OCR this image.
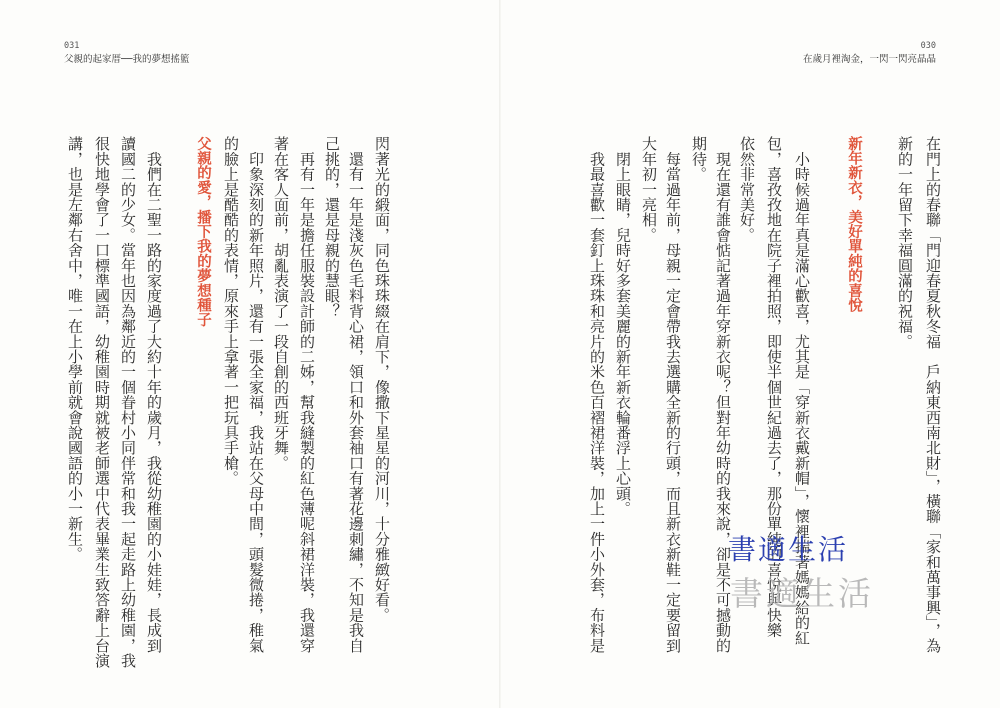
031
父親的起家厝──我的夢想搖籃
030
在歲月裡淘金，一閃一閃亮晶晶

在門上的春聯「門迎春夏秋冬福　戶納東西南北財」，橫聯「家和萬事興」，為

新的一年留下幸福圓滿的祝福。

新年新衣，美好單純的喜悅

　小時候過年真是滿心歡喜，尤其是「穿新衣戴新帽」，懷裡揣著媽媽給的紅

包，喜孜孜地在院子裡拍照，即使半個世紀過去了，那份單純的喜悅與快樂

依然非常美好。

　現在還有誰會惦記著過年穿新衣呢？但對年幼時的我來說，卻是不可撼動的

期待。

　每當過年前，母親一定會帶我去選購全新的行頭，而且新衣新鞋一定要留到

大年初一亮相。

　閉上眼睛，兒時好多套美麗的新年新衣輪番浮上心頭。

　我最喜歡一套釘上珠珠和亮片的米色百褶裙洋裝，加上一件小外套，布料是

閃著光的緞面，同色珠珠綴在肩下，像撒下星星的河川，十分雅緻好看。

　還有一年是淺灰色毛料背心裙，領口和外套袖口有著花邊刺繡，不知是我自

己挑的，還是母親的慧眼？

　再有一年是擔任服裝設計師的二姊，幫我縫製的紅色薄呢斜裙洋裝，我還穿

著在客人面前，胡亂表演了一段自創的西班牙舞。

　印象深刻的新年照片，還有一張全家福，我站在父母中間，頭髮微捲，稚氣

的臉上是酷酷的表情，原來手上拿著一把玩具手槍。

父親的愛，播下我的夢想種子

　我們在二聖一路的家度過了大約十年的歲月，我從幼稚園的小娃娃，長成到

讀國二的少女。當年也因為鄰近的一個眷村小同伴常和我一起走路上幼稚園，我

很快地學會了一口標準國語，幼稚園時期就被老師選中代表畢業生致答辭上台演

講，也是左鄰右舍中，唯一在上小學前就會說國語的小一新生。	書適生活
書適生活
